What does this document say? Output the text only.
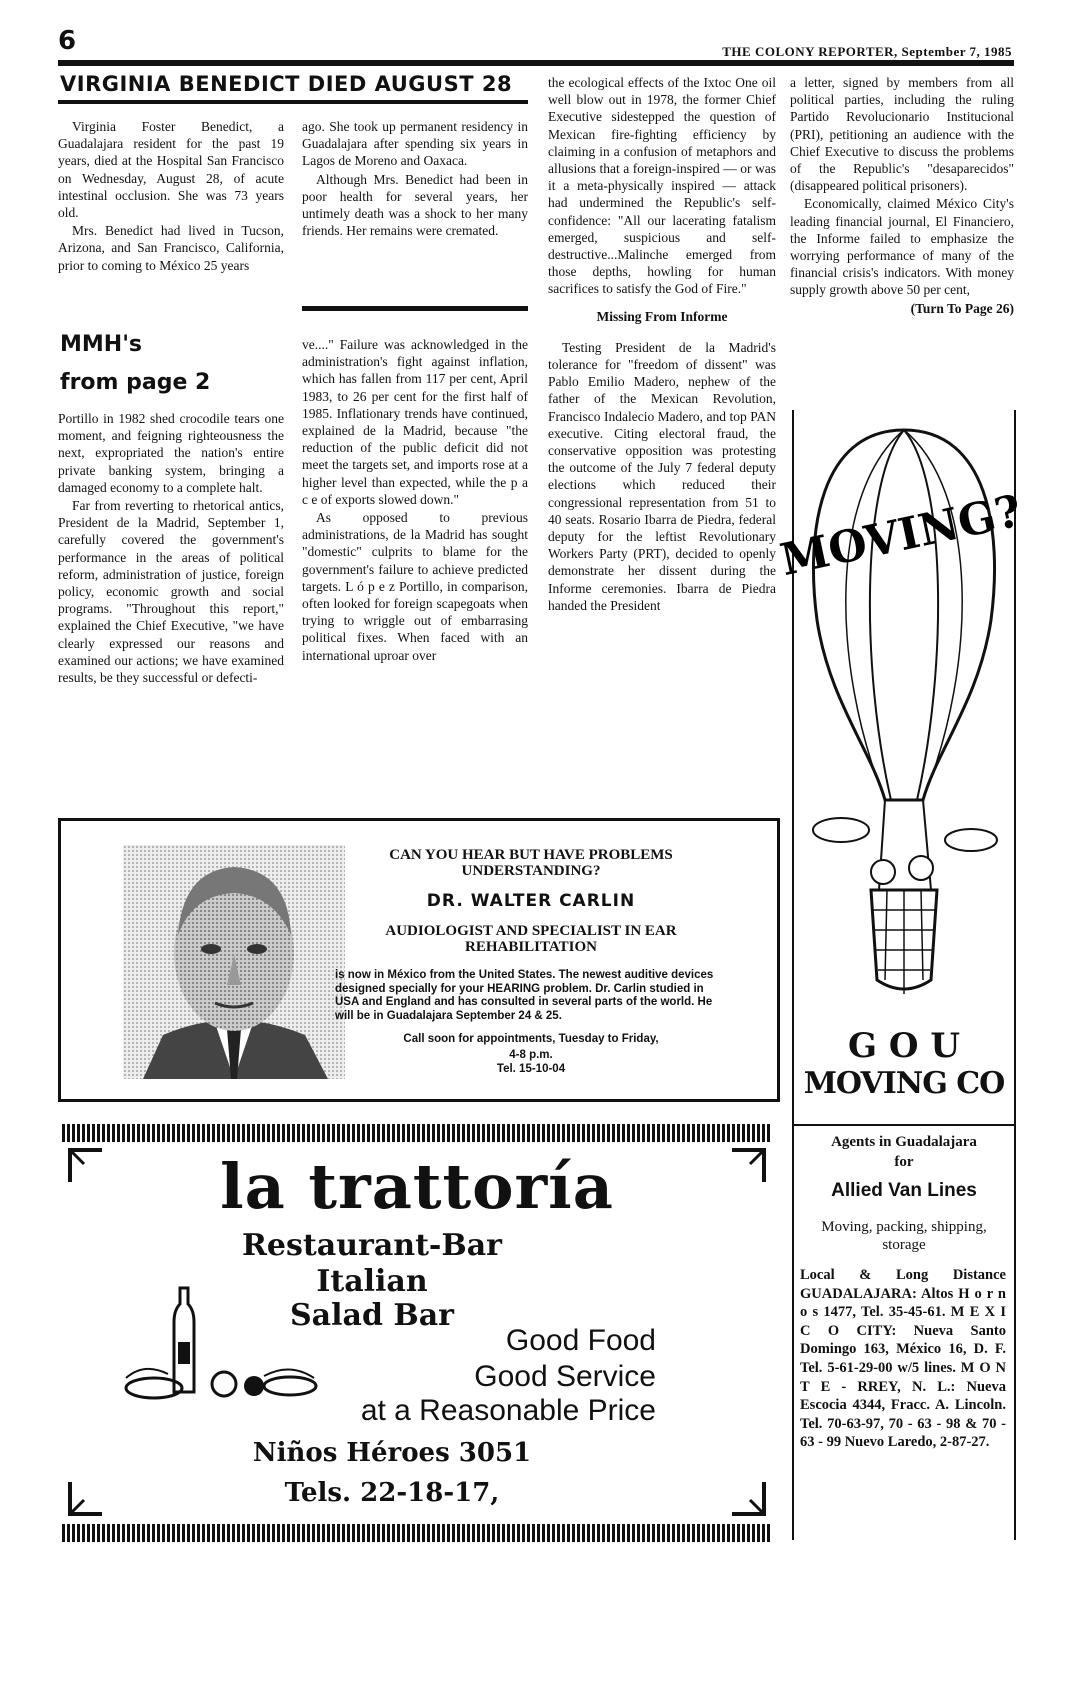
6	THE COLONY REPORTER, September 7, 1985
VIRGINIA BENEDICT DIED AUGUST 28

Virginia Foster Benedict, a Guadalajara resident for the past 19 years, died at the Hospital San Francisco on Wednesday, August 28, of acute intestinal occlusion. She was 73 years old.

Mrs. Benedict had lived in Tucson, Arizona, and San Francisco, California, prior to coming to México 25 years

ago. She took up permanent residency in Guadalajara after spending six years in Lagos de Moreno and Oaxaca.

Although Mrs. Benedict had been in poor health for several years, her untimely death was a shock to her many friends. Her remains were cremated.

MMH's
from page 2

Portillo in 1982 shed crocodile tears one moment, and feigning righteousness the next, expropriated the nation's entire private banking system, bringing a damaged economy to a complete halt.

Far from reverting to rhetorical antics, President de la Madrid, September 1, carefully covered the government's performance in the areas of political reform, administration of justice, foreign policy, economic growth and social programs. "Throughout this report," explained the Chief Executive, "we have clearly expressed our reasons and examined our actions; we have examined results, be they successful or defecti-

ve...." Failure was acknowledged in the administration's fight against inflation, which has fallen from 117 per cent, April 1983, to 26 per cent for the first half of 1985. Inflationary trends have continued, explained de la Madrid, because "the reduction of the public deficit did not meet the targets set, and imports rose at a higher level than expected, while the p a c e of exports slowed down."

As opposed to previous administrations, de la Madrid has sought "domestic" culprits to blame for the government's failure to achieve predicted targets. L ó p e z Portillo, in comparison, often looked for foreign scapegoats when trying to wriggle out of embarrasing political fixes. When faced with an international uproar over

the ecological effects of the Ixtoc One oil well blow out in 1978, the former Chief Executive sidestepped the question of Mexican fire-fighting efficiency by claiming in a confusion of metaphors and allusions that a foreign-inspired — or was it a meta-physically inspired — attack had undermined the Republic's self-confidence: "All our lacerating fatalism emerged, suspicious and self-destructive...Malinche emerged from those depths, howling for human sacrifices to satisfy the God of Fire."

Missing From Informe

Testing President de la Madrid's tolerance for "freedom of dissent" was Pablo Emilio Madero, nephew of the father of the Mexican Revolution, Francisco Indalecio Madero, and top PAN executive. Citing electoral fraud, the conservative opposition was protesting the outcome of the July 7 federal deputy elections which reduced their congressional representation from 51 to 40 seats. Rosario Ibarra de Piedra, federal deputy for the leftist Revolutionary Workers Party (PRT), decided to openly demonstrate her dissent during the Informe ceremonies. Ibarra de Piedra handed the President

a letter, signed by members from all political parties, including the ruling Partido Revolucionario Institucional (PRI), petitioning an audience with the Chief Executive to discuss the problems of the Republic's "desaparecidos" (disappeared political prisoners).

Economically, claimed México City's leading financial journal, El Financiero, the Informe failed to emphasize the worrying performance of many of the financial crisis's indicators. With money supply growth above 50 per cent,

(Turn To Page 26)
CAN YOU HEAR BUT HAVE PROBLEMS UNDERSTANDING?
DR. WALTER CARLIN
AUDIOLOGIST AND SPECIALIST IN EAR REHABILITATION
is now in México from the United States. The newest auditive devices designed specially for your HEARING problem. Dr. Carlin studied in USA and England and has consulted in several parts of the world. He will be in Guadalajara September 24 & 25.
Call soon for appointments, Tuesday to Friday,
4-8 p.m.
Tel. 15-10-04
la trattoría
Restaurant-Bar
Italian
Salad Bar
Good Food
Good Service
at a Reasonable Price
Niños Héroes 3051
Tels. 22-18-17,
MOVING?
G O U
MOVING CO
Agents in Guadalajara
for
Allied Van Lines
Moving, packing, shipping, storage
Local & Long Distance GUADALAJARA: Altos H o r n o s 1477, Tel. 35-45-61. M E X I C O CITY: Nueva Santo Domingo 163, México 16, D. F. Tel. 5-61-29-00 w/5 lines. M O N T E - RREY, N. L.: Nueva Escocia 4344, Fracc. A. Lincoln. Tel. 70-63-97, 70 - 63 - 98 & 70 - 63 - 99 Nuevo Laredo, 2-87-27.
